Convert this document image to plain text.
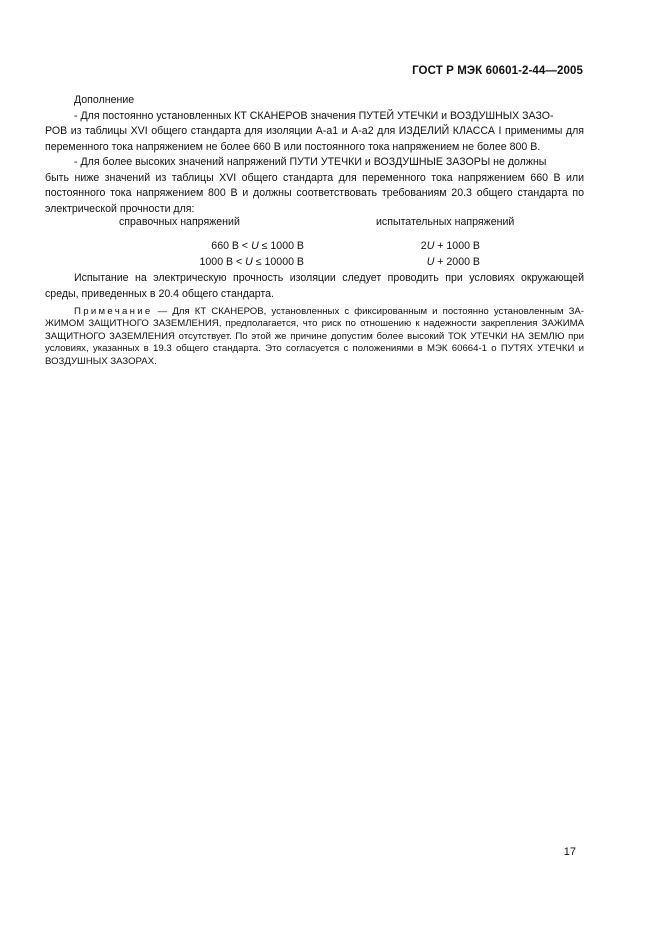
ГОСТ Р МЭК 60601-2-44—2005

Дополнение

- Для постоянно установленных КТ СКАНЕРОВ значения ПУТЕЙ УТЕЧКИ и ВОЗДУШНЫХ ЗАЗО-

РОВ из таблицы XVI общего стандарта для изоляции A-a1 и A-a2 для ИЗДЕЛИЙ КЛАССА I применимы для переменного тока напряжением не более 660 В или постоянного тока напряжением не более 800 В.

- Для более высоких значений напряжений ПУТИ УТЕЧКИ и ВОЗДУШНЫЕ ЗАЗОРЫ не должны

быть ниже значений из таблицы XVI общего стандарта для переменного тока напряжением 660 В или постоянного тока напряжением 800 В и должны соответствовать требованиям 20.3 общего стандарта по электрической прочности для:

справочных напряжений	испытательных напряжений
660 В < U ≤ 1000 В	2U + 1000 В
1000 В < U ≤ 10000 В	U + 2000 В

Испытание на электрическую прочность изоляции следует проводить при условиях окружающей среды, приведенных в 20.4 общего стандарта.

Примечание — Для КТ СКАНЕРОВ, установленных с фиксированным и постоянно установленным ЗА-ЖИМОМ ЗАЩИТНОГО ЗАЗЕМЛЕНИЯ, предполагается, что риск по отношению к надежности закрепления ЗАЖИМА ЗАЩИТНОГО ЗАЗЕМЛЕНИЯ отсутствует. По этой же причине допустим более высокий ТОК УТЕЧКИ НА ЗЕМЛЮ при условиях, указанных в 19.3 общего стандарта. Это согласуется с положениями в МЭК 60664-1 о ПУТЯХ УТЕЧКИ и ВОЗДУШНЫХ ЗАЗОРАХ.

17
